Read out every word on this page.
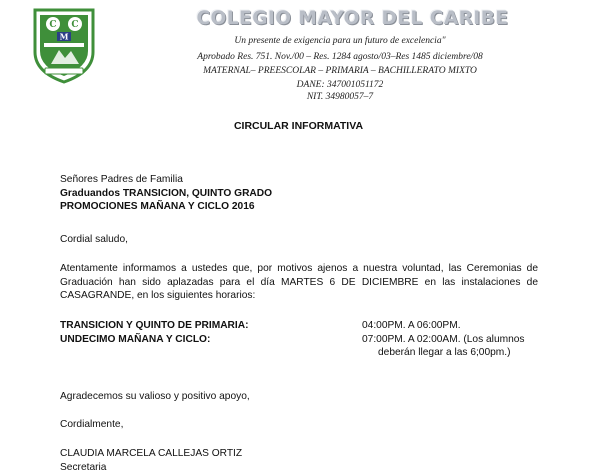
C C
M
COLEGIO MAYOR DEL CARIBE
Un presente de exigencia para un futuro de excelencia"
Aprobado Res. 751. Nov./00 – Res. 1284 agosto/03–Res 1485 diciembre/08
MATERNAL– PREESCOLAR – PRIMARIA – BACHILLERATO MIXTO
DANE: 347001051172
NIT. 34980057–7
CIRCULAR INFORMATIVA
Señores Padres de Familia
Graduandos TRANSICION, QUINTO GRADO
PROMOCIONES MAÑANA Y CICLO 2016
Cordial saludo,
Atentamente informamos a ustedes que, por motivos ajenos a nuestra voluntad, las Ceremonias de Graduación han sido aplazadas para el día MARTES 6 DE DICIEMBRE en las instalaciones de CASAGRANDE, en los siguientes horarios:
TRANSICION Y QUINTO DE PRIMARIA:	04:00PM. A 06:00PM.
UNDECIMO MAÑANA Y CICLO:	07:00PM. A 02:00AM. (Los alumnos
deberán llegar a las 6;00pm.)
Agradecemos su valioso y positivo apoyo,
Cordialmente,
CLAUDIA MARCELA CALLEJAS ORTIZ
Secretaria
